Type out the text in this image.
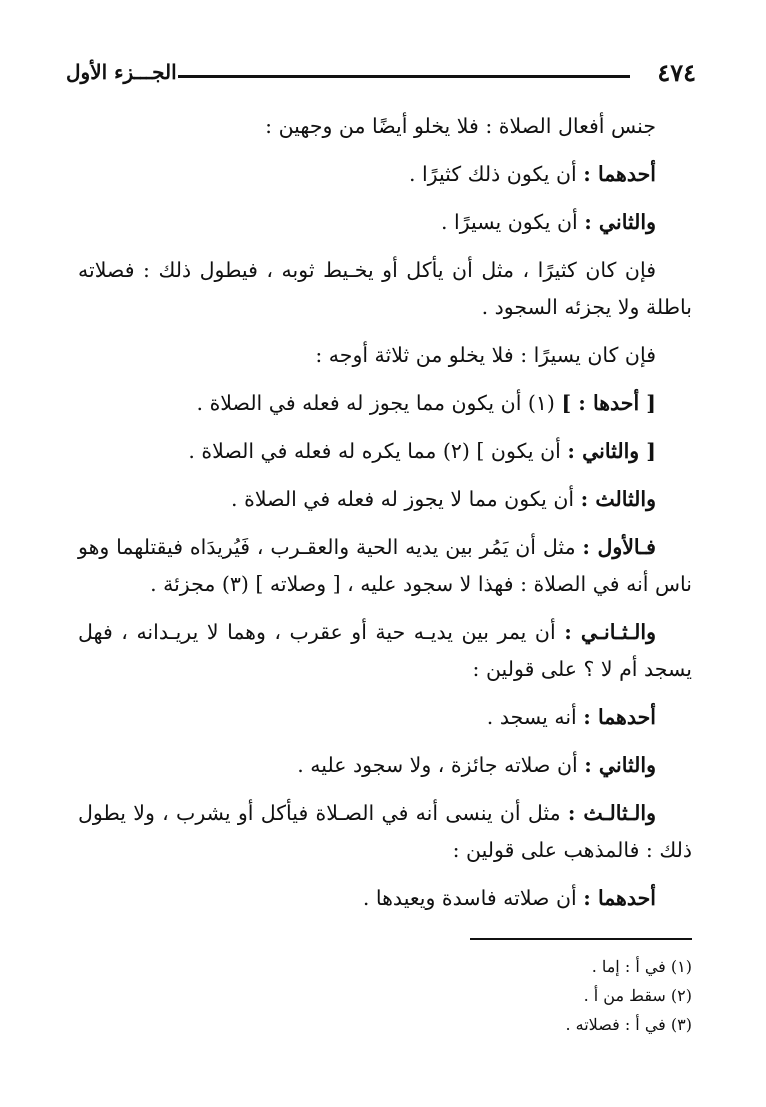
٤٧٤
الجـــزء الأول

جنس أفعال الصلاة : فلا يخلو أيضًا من وجهين :

أحدهما : أن يكون ذلك كثيرًا .

والثاني : أن يكون يسيرًا .

فإن كان كثيرًا ، مثل أن يأكل أو يخـيط ثوبه ، فيطول ذلك : فصلاته باطلة ولا يجزئه السجود .

فإن كان يسيرًا : فلا يخلو من ثلاثة أوجه :

[ أحدها : ] (١) أن يكون مما يجوز له فعله في الصلاة .

[ والثاني : أن يكون ] (٢) مما يكره له فعله في الصلاة .

والثالث : أن يكون مما لا يجوز له فعله في الصلاة .

فـالأول : مثل أن يَمُر بين يديه الحية والعقـرب ، فَيُريدَاه فيقتلهما وهو ناس أنه في الصلاة : فهذا لا سجود عليه ، [ وصلاته ] (٣) مجزئة .

والـثـانـي : أن يمر بين يديـه حية أو عقرب ، وهما لا يريـدانه ، فهل يسجد أم لا ؟ على قولين :

أحدهما : أنه يسجد .

والثاني : أن صلاته جائزة ، ولا سجود عليه .

والـثالـث : مثل أن ينسى أنه في الصـلاة فيأكل أو يشرب ، ولا يطول ذلك : فالمذهب على قولين :

أحدهما : أن صلاته فاسدة ويعيدها .

(١) في أ : إما .
(٢) سقط من أ .
(٣) في أ : فصلاته .
